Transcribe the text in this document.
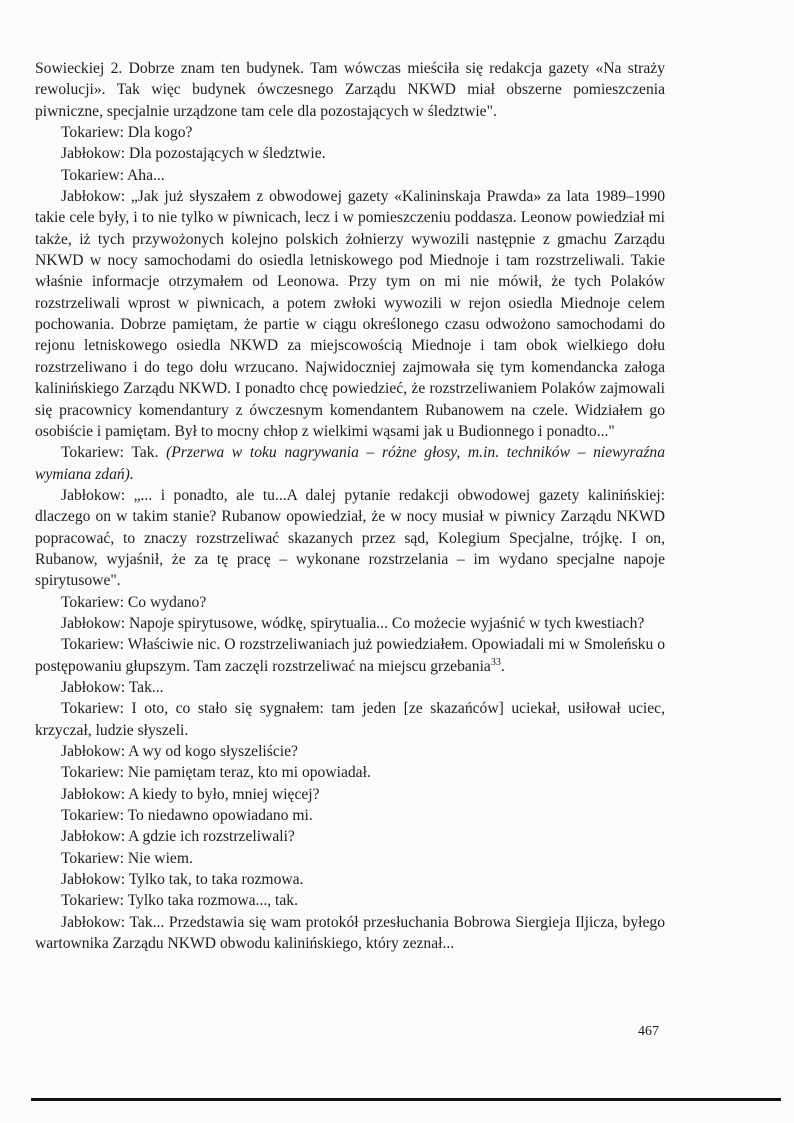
Sowieckiej 2. Dobrze znam ten budynek. Tam wówczas mieściła się redakcja gazety «Na straży rewolucji». Tak więc budynek ówczesnego Zarządu NKWD miał obszerne pomieszczenia piwniczne, specjalnie urządzone tam cele dla pozostających w śledztwie".

Tokariew: Dla kogo?

Jabłokow: Dla pozostających w śledztwie.

Tokariew: Aha...

Jabłokow: „Jak już słyszałem z obwodowej gazety «Kalininskaja Prawda» za lata 1989–1990 takie cele były, i to nie tylko w piwnicach, lecz i w pomieszczeniu poddasza. Leonow powiedział mi także, iż tych przywożonych kolejno polskich żołnierzy wywozili następnie z gmachu Zarządu NKWD w nocy samochodami do osiedla letniskowego pod Miednoje i tam rozstrzeliwali. Takie właśnie informacje otrzymałem od Leonowa. Przy tym on mi nie mówił, że tych Polaków rozstrzeliwali wprost w piwnicach, a potem zwłoki wywozili w rejon osiedla Miednoje celem pochowania. Dobrze pamiętam, że partie w ciągu określonego czasu odwożono samochodami do rejonu letniskowego osiedla NKWD za miejscowością Miednoje i tam obok wielkiego dołu rozstrzeliwano i do tego dołu wrzucano. Najwidoczniej zajmowała się tym komendancka załoga kalinińskiego Zarządu NKWD. I ponadto chcę powiedzieć, że rozstrzeliwaniem Polaków zajmowali się pracownicy komendantury z ówczesnym komendantem Rubanowem na czele. Widziałem go osobiście i pamiętam. Był to mocny chłop z wielkimi wąsami jak u Budionnego i ponadto..."

Tokariew: Tak. (Przerwa w toku nagrywania – różne głosy, m.in. techników – niewyraźna wymiana zdań).

Jabłokow: „... i ponadto, ale tu...A dalej pytanie redakcji obwodowej gazety kalinińskiej: dlaczego on w takim stanie? Rubanow opowiedział, że w nocy musiał w piwnicy Zarządu NKWD popracować, to znaczy rozstrzeliwać skazanych przez sąd, Kolegium Specjalne, trójkę. I on, Rubanow, wyjaśnił, że za tę pracę – wykonane rozstrzelania – im wydano specjalne napoje spirytusowe".

Tokariew: Co wydano?

Jabłokow: Napoje spirytusowe, wódkę, spirytualia... Co możecie wyjaśnić w tych kwestiach?

Tokariew: Właściwie nic. O rozstrzeliwaniach już powiedziałem. Opowiadali mi w Smoleńsku o postępowaniu głupszym. Tam zaczęli rozstrzeliwać na miejscu grzebania$^{33}$.

Jabłokow: Tak...

Tokariew: I oto, co stało się sygnałem: tam jeden [ze skazańców] uciekał, usiłował uciec, krzyczał, ludzie słyszeli.

Jabłokow: A wy od kogo słyszeliście?

Tokariew: Nie pamiętam teraz, kto mi opowiadał.

Jabłokow: A kiedy to było, mniej więcej?

Tokariew: To niedawno opowiadano mi.

Jabłokow: A gdzie ich rozstrzeliwali?

Tokariew: Nie wiem.

Jabłokow: Tylko tak, to taka rozmowa.

Tokariew: Tylko taka rozmowa..., tak.

Jabłokow: Tak... Przedstawia się wam protokół przesłuchania Bobrowa Siergieja Iljicza, byłego wartownika Zarządu NKWD obwodu kalinińskiego, który zeznał...

467
